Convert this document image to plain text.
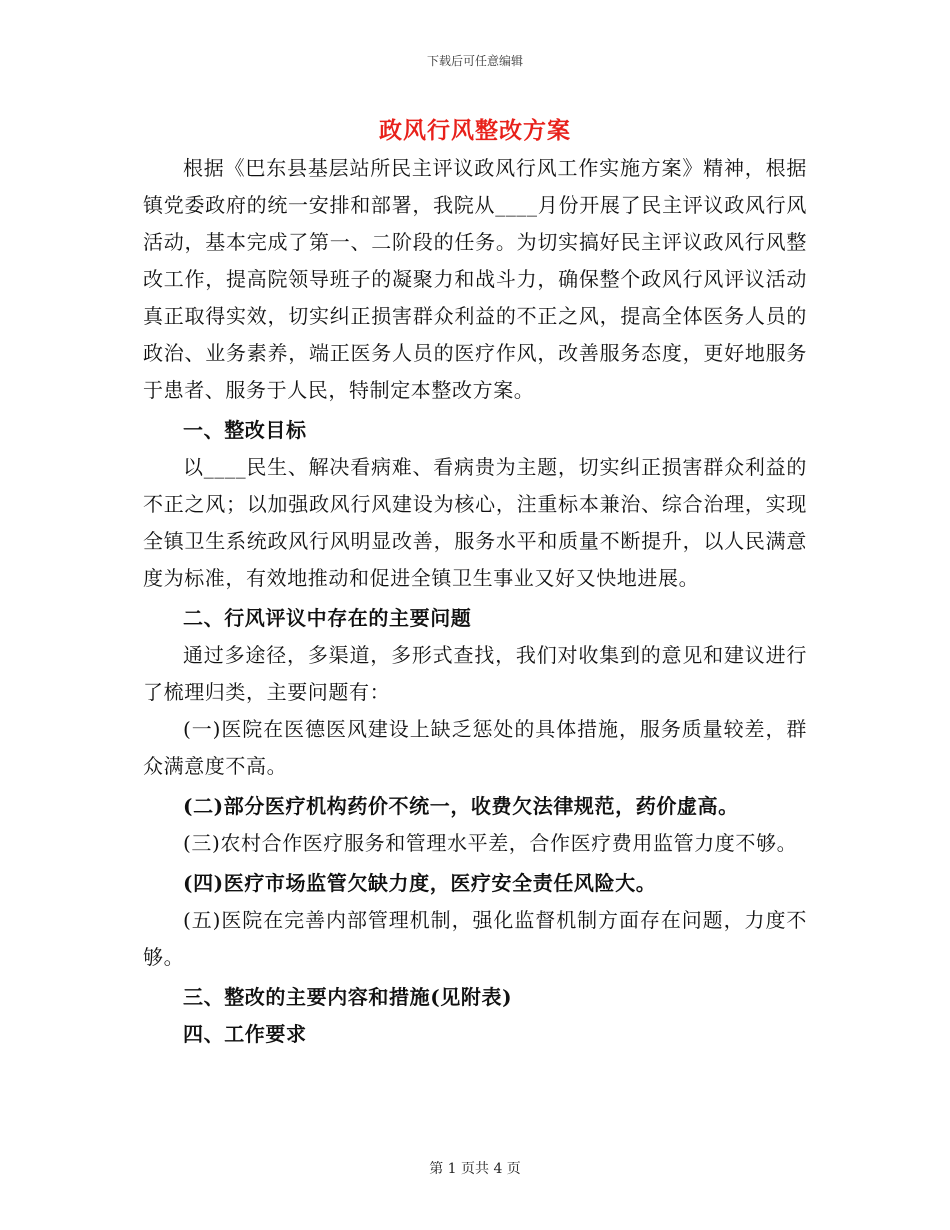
下载后可任意编辑
政风行风整改方案

根据《巴东县基层站所民主评议政风行风工作实施方案》精神，根据镇党委政府的统一安排和部署，我院从____月份开展了民主评议政风行风活动，基本完成了第一、二阶段的任务。为切实搞好民主评议政风行风整改工作，提高院领导班子的凝聚力和战斗力，确保整个政风行风评议活动真正取得实效，切实纠正损害群众利益的不正之风，提高全体医务人员的政治、业务素养，端正医务人员的医疗作风，改善服务态度，更好地服务于患者、服务于人民，特制定本整改方案。

一、整改目标

以____民生、解决看病难、看病贵为主题，切实纠正损害群众利益的不正之风；以加强政风行风建设为核心，注重标本兼治、综合治理，实现全镇卫生系统政风行风明显改善，服务水平和质量不断提升，以人民满意度为标准，有效地推动和促进全镇卫生事业又好又快地进展。

二、行风评议中存在的主要问题

通过多途径，多渠道，多形式查找，我们对收集到的意见和建议进行了梳理归类，主要问题有：

(一)医院在医德医风建设上缺乏惩处的具体措施，服务质量较差，群众满意度不高。

(二)部分医疗机构药价不统一，收费欠法律规范，药价虚高。

(三)农村合作医疗服务和管理水平差，合作医疗费用监管力度不够。

(四)医疗市场监管欠缺力度，医疗安全责任风险大。

(五)医院在完善内部管理机制，强化监督机制方面存在问题，力度不够。

三、整改的主要内容和措施(见附表)

四、工作要求

第 1 页共 4 页
